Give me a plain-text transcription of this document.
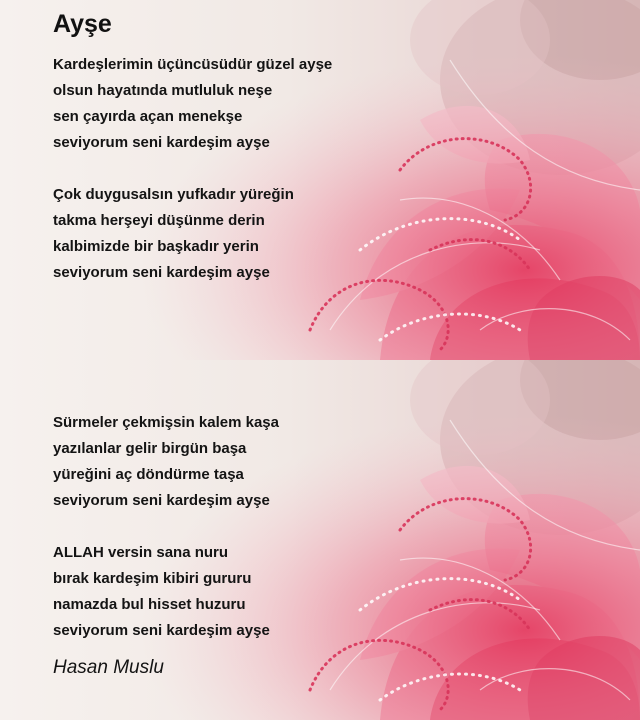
Ayşe
Kardeşlerimin üçüncüsüdür güzel ayşe
olsun hayatında mutluluk neşe
sen çayırda açan menekşe
seviyorum seni kardeşim ayşe
Çok duygusalsın yufkadır yüreğin
takma herşeyi düşünme derin
kalbimizde bir başkadır yerin
seviyorum seni kardeşim ayşe
Sürmeler çekmişsin kalem kaşa
yazılanlar gelir birgün başa
yüreğini aç döndürme taşa
seviyorum seni kardeşim ayşe
ALLAH versin sana nuru
bırak kardeşim kibiri gururu
namazda bul hisset huzuru
seviyorum seni kardeşim ayşe
Hasan Muslu
